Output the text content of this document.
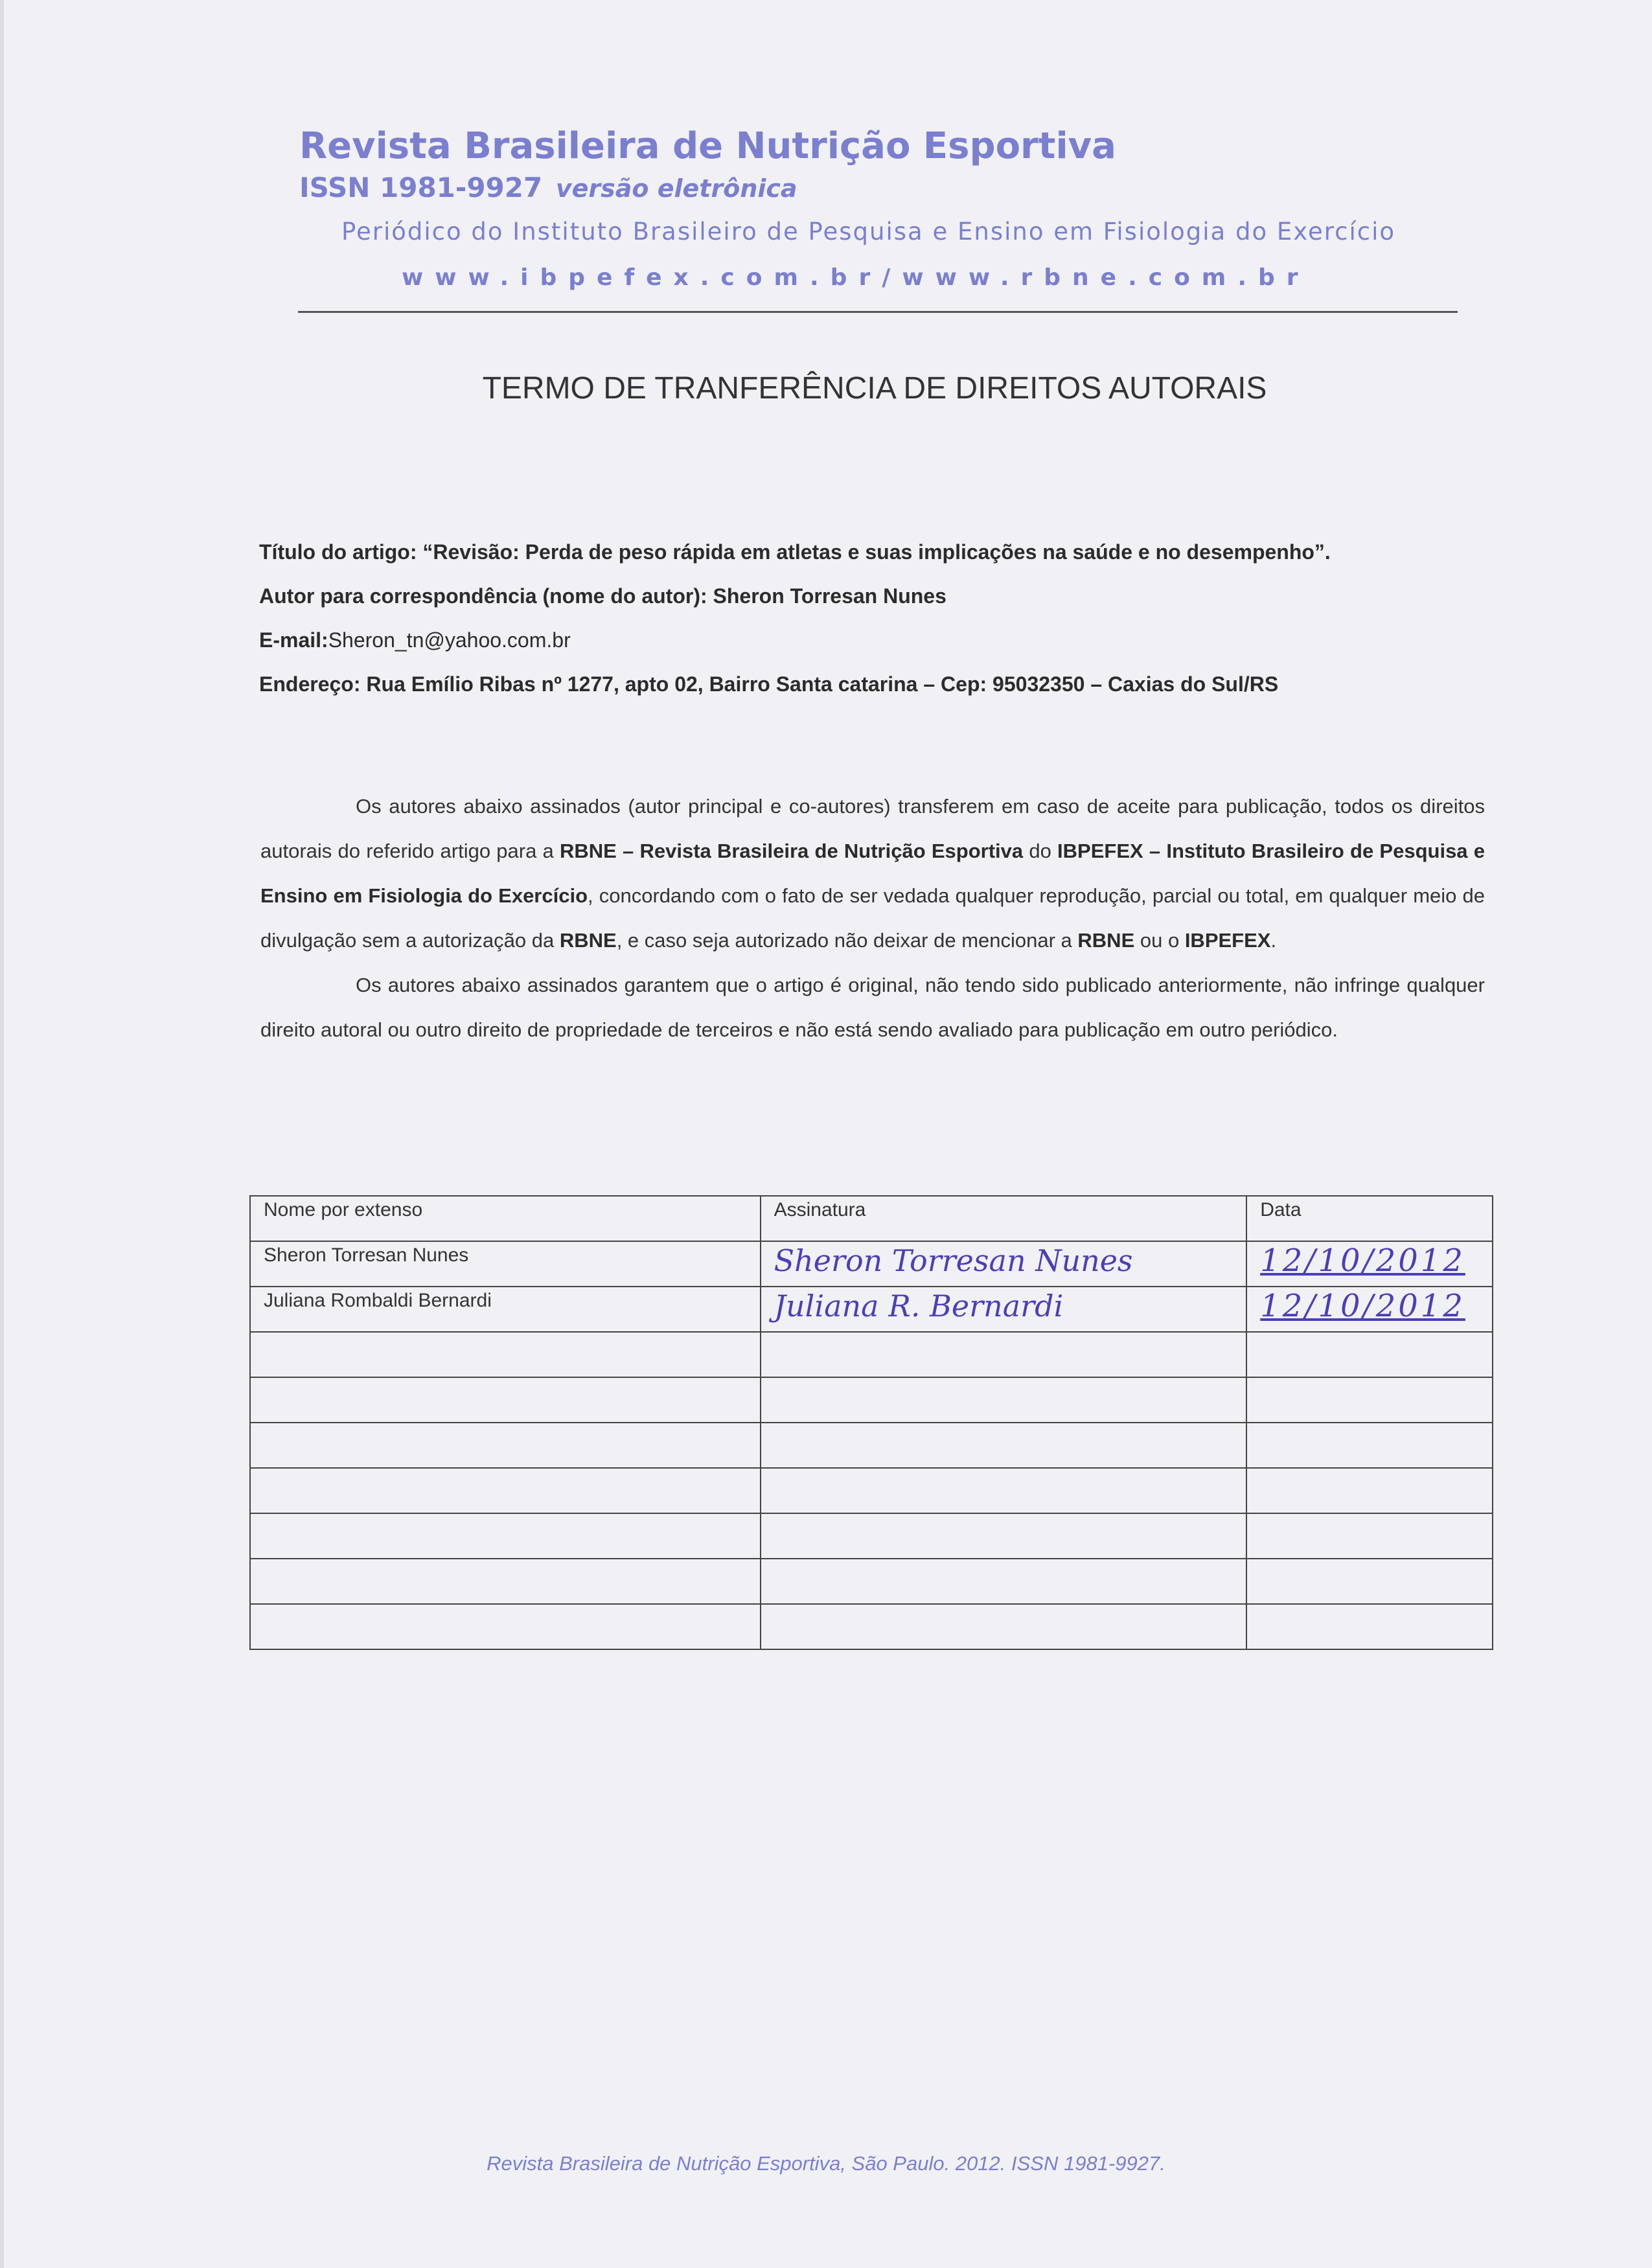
Revista Brasileira de Nutrição Esportiva
ISSN 1981-9927 versão eletrônica
Periódico do Instituto Brasileiro de Pesquisa e Ensino em Fisiologia do Exercício
www.ibpefex.com.br/www.rbne.com.br
TERMO DE TRANFERÊNCIA DE DIREITOS AUTORAIS
Título do artigo: “Revisão: Perda de peso rápida em atletas e suas implicações na saúde e no desempenho”.
Autor para correspondência (nome do autor): Sheron Torresan Nunes
E-mail:Sheron_tn@yahoo.com.br
Endereço: Rua Emílio Ribas nº 1277, apto 02, Bairro Santa catarina – Cep: 95032350 – Caxias do Sul/RS

Os autores abaixo assinados (autor principal e co-autores) transferem em caso de aceite para publicação, todos os direitos autorais do referido artigo para a RBNE – Revista Brasileira de Nutrição Esportiva do IBPEFEX – Instituto Brasileiro de Pesquisa e Ensino em Fisiologia do Exercício, concordando com o fato de ser vedada qualquer reprodução, parcial ou total, em qualquer meio de divulgação sem a autorização da RBNE, e caso seja autorizado não deixar de mencionar a RBNE ou o IBPEFEX.

Os autores abaixo assinados garantem que o artigo é original, não tendo sido publicado anteriormente, não infringe qualquer direito autoral ou outro direito de propriedade de terceiros e não está sendo avaliado para publicação em outro periódico.

Nome por extenso	Assinatura	Data
Sheron Torresan Nunes	Sheron Torresan Nunes	12/10/2012
Juliana Rombaldi Bernardi	Juliana R. Bernardi	12/10/2012

Revista Brasileira de Nutrição Esportiva, São Paulo. 2012. ISSN 1981-9927.
